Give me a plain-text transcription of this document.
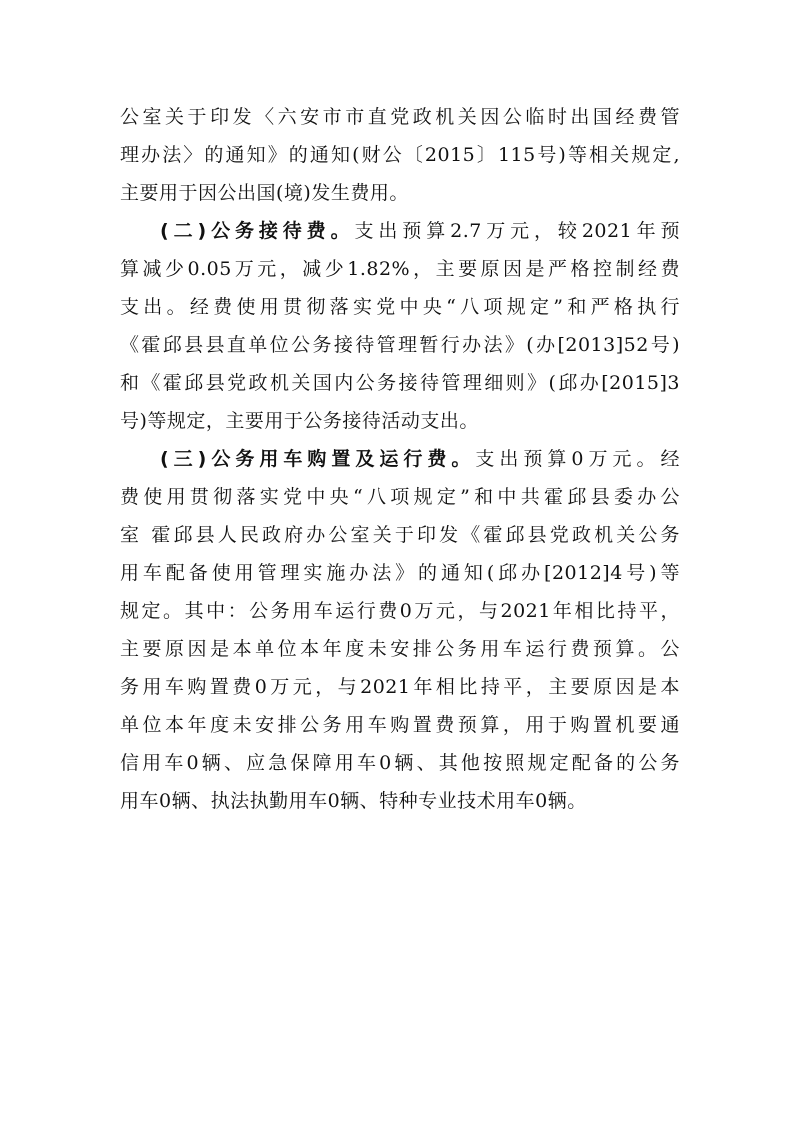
公室关于印发〈六安市市直党政机关因公临时出国经费管
理办法〉的通知》的通知(财公〔2015〕115号)等相关规定,
主要用于因公出国(境)发生费用。
(二)公务接待费。支出预算2.7万元，较2021年预
算减少0.05万元，减少1.82%，主要原因是严格控制经费
支出。经费使用贯彻落实党中央“八项规定”和严格执行
《霍邱县县直单位公务接待管理暂行办法》(办[2013]52号)
和《霍邱县党政机关国内公务接待管理细则》(邱办[2015]3
号)等规定，主要用于公务接待活动支出。
(三)公务用车购置及运行费。支出预算0万元。经
费使用贯彻落实党中央“八项规定”和中共霍邱县委办公
室 霍邱县人民政府办公室关于印发《霍邱县党政机关公务
用车配备使用管理实施办法》的通知(邱办[2012]4号)等
规定。其中：公务用车运行费0万元，与2021年相比持平，
主要原因是本单位本年度未安排公务用车运行费预算。公
务用车购置费0万元，与2021年相比持平，主要原因是本
单位本年度未安排公务用车购置费预算，用于购置机要通
信用车0辆、应急保障用车0辆、其他按照规定配备的公务
用车0辆、执法执勤用车0辆、特种专业技术用车0辆。
